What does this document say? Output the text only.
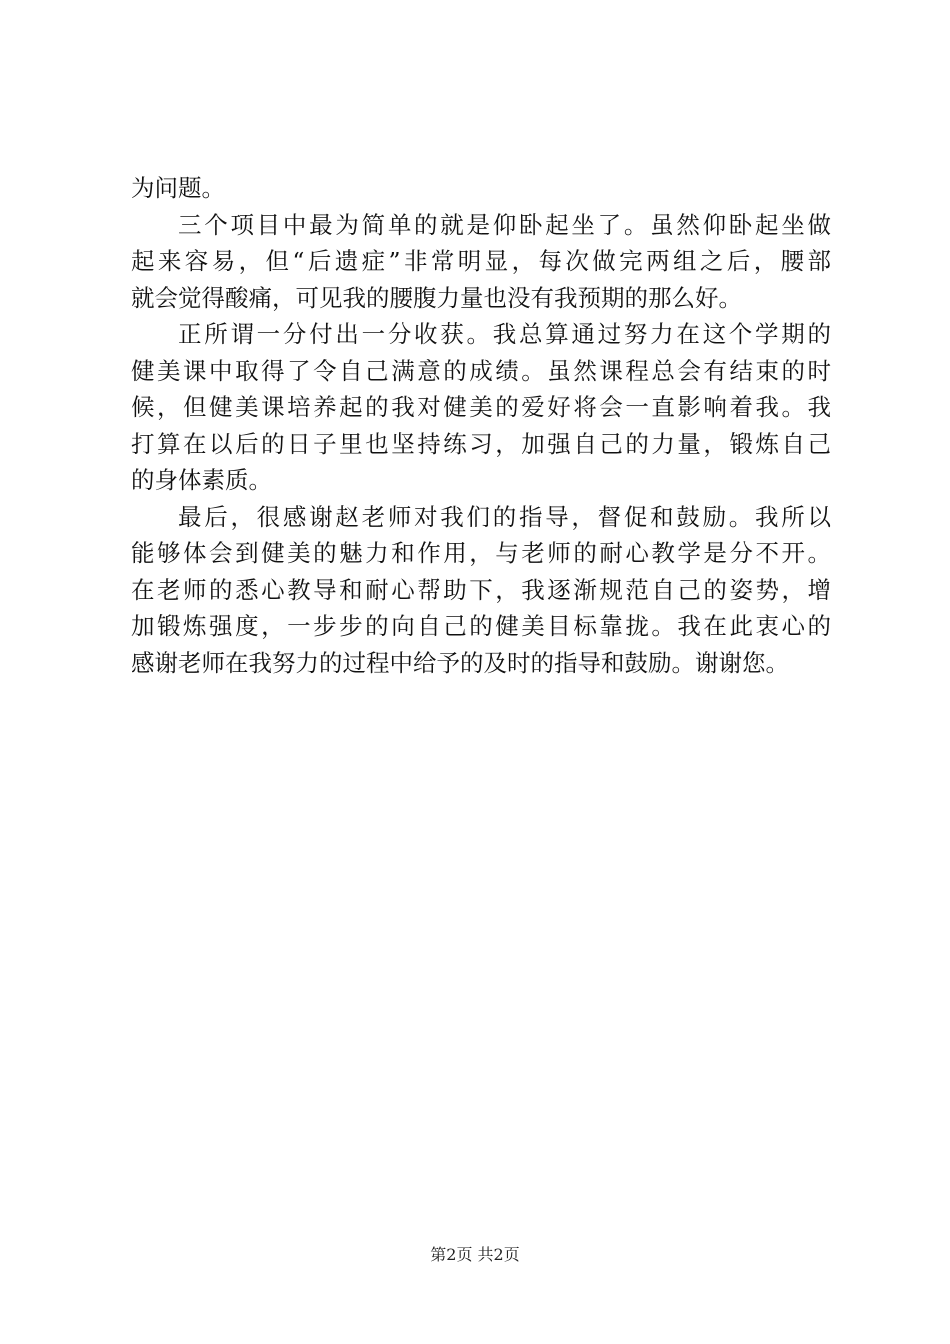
为问题。
三个项目中最为简单的就是仰卧起坐了。虽然仰卧起坐做
起来容易，但“后遗症”非常明显，每次做完两组之后，腰部
就会觉得酸痛，可见我的腰腹力量也没有我预期的那么好。
正所谓一分付出一分收获。我总算通过努力在这个学期的
健美课中取得了令自己满意的成绩。虽然课程总会有结束的时
候，但健美课培养起的我对健美的爱好将会一直影响着我。我
打算在以后的日子里也坚持练习，加强自己的力量，锻炼自己
的身体素质。
最后，很感谢赵老师对我们的指导，督促和鼓励。我所以
能够体会到健美的魅力和作用，与老师的耐心教学是分不开。
在老师的悉心教导和耐心帮助下，我逐渐规范自己的姿势，增
加锻炼强度，一步步的向自己的健美目标靠拢。我在此衷心的
感谢老师在我努力的过程中给予的及时的指导和鼓励。谢谢您。
第2页 共2页
